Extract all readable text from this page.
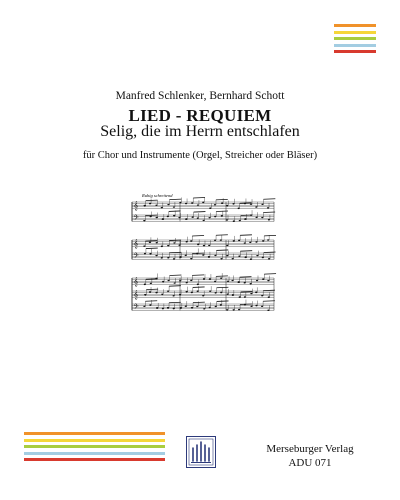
Manfred Schlenker, Bernhard Schott
LIED - REQUIEM
Selig, die im Herrn entschlafen
für Chor und Instrumente (Orgel, Streicher oder Bläser)
Ruhig schreitend
𝄞
𝄢
𝄞
𝄢
𝄞
𝄞
𝄢
Merseburger Verlag
ADU 071
